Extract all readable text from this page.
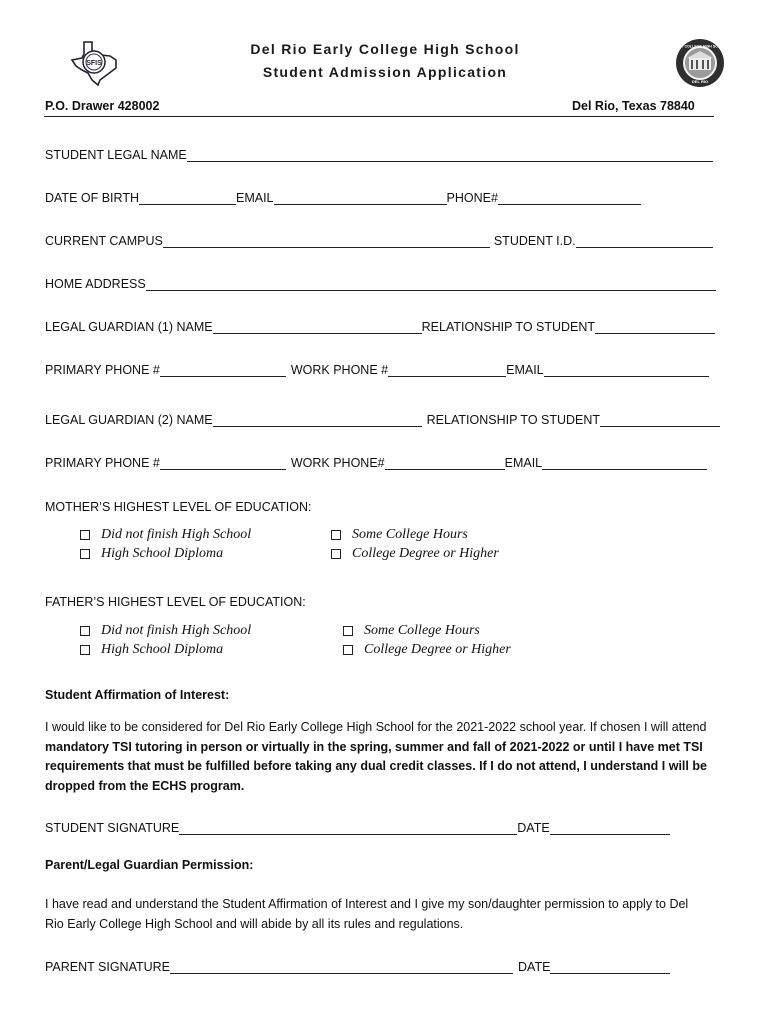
SFIS
EARLY COLLEGE HIGH SCHOOL
DEL RIO
Del Rio Early College High School
Student Admission Application
P.O. Drawer 428002	Del Rio, Texas 78840
STUDENT LEGAL NAME
DATE OF BIRTH	EMAIL	PHONE#
CURRENT CAMPUS	STUDENT I.D.
HOME ADDRESS
LEGAL GUARDIAN (1) NAME	RELATIONSHIP TO STUDENT
PRIMARY PHONE #	WORK PHONE #	EMAIL
LEGAL GUARDIAN (2) NAME	RELATIONSHIP TO STUDENT
PRIMARY PHONE #	WORK PHONE#	EMAIL
MOTHER’S HIGHEST LEVEL OF EDUCATION:
Did not finish High School
High School Diploma
Some College Hours
College Degree or Higher
FATHER’S HIGHEST LEVEL OF EDUCATION:
Did not finish High School
High School Diploma
Some College Hours
College Degree or Higher
Student Affirmation of Interest:
I would like to be considered for Del Rio Early College High School for the 2021-2022 school year. If chosen I will attend mandatory TSI tutoring in person or virtually in the spring, summer and fall of 2021-2022 or until I have met TSI requirements that must be fulfilled before taking any dual credit classes. If I do not attend, I understand I will be dropped from the ECHS program.
STUDENT SIGNATURE	DATE
Parent/Legal Guardian Permission:
I have read and understand the Student Affirmation of Interest and I give my son/daughter permission to apply to Del Rio Early College High School and will abide by all its rules and regulations.
PARENT SIGNATURE	DATE
